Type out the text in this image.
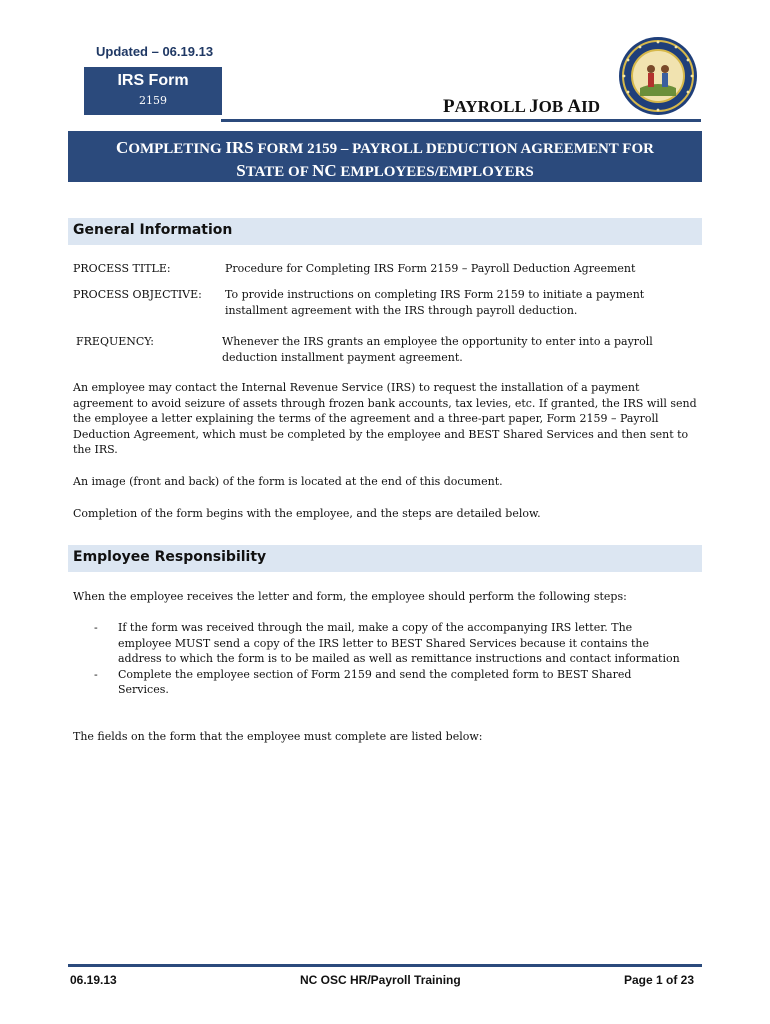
Updated – 06.19.13
IRS Form
2159	PAYROLL JOB AID
COMPLETING IRS FORM 2159 – PAYROLL DEDUCTION AGREEMENT FOR
STATE OF NC EMPLOYEES/EMPLOYERS
General Information
PROCESS TITLE:	Procedure for Completing IRS Form 2159 – Payroll Deduction Agreement
PROCESS OBJECTIVE: To provide instructions on completing IRS Form 2159 to initiate a payment installment agreement with the IRS through payroll deduction.
FREQUENCY:	Whenever the IRS grants an employee the opportunity to enter into a payroll deduction installment payment agreement.
An employee may contact the Internal Revenue Service (IRS) to request the installation of a payment agreement to avoid seizure of assets through frozen bank accounts, tax levies, etc. If granted, the IRS will send the employee a letter explaining the terms of the agreement and a three-part paper, Form 2159 – Payroll Deduction Agreement, which must be completed by the employee and BEST Shared Services and then sent to the IRS.
An image (front and back) of the form is located at the end of this document.
Completion of the form begins with the employee, and the steps are detailed below.
Employee Responsibility
When the employee receives the letter and form, the employee should perform the following steps:
- If the form was received through the mail, make a copy of the accompanying IRS letter. The employee MUST send a copy of the IRS letter to BEST Shared Services because it contains the address to which the form is to be mailed as well as remittance instructions and contact information
- Complete the employee section of Form 2159 and send the completed form to BEST Shared Services.
The fields on the form that the employee must complete are listed below:
06.19.13	NC OSC HR/Payroll Training	Page 1 of 23
